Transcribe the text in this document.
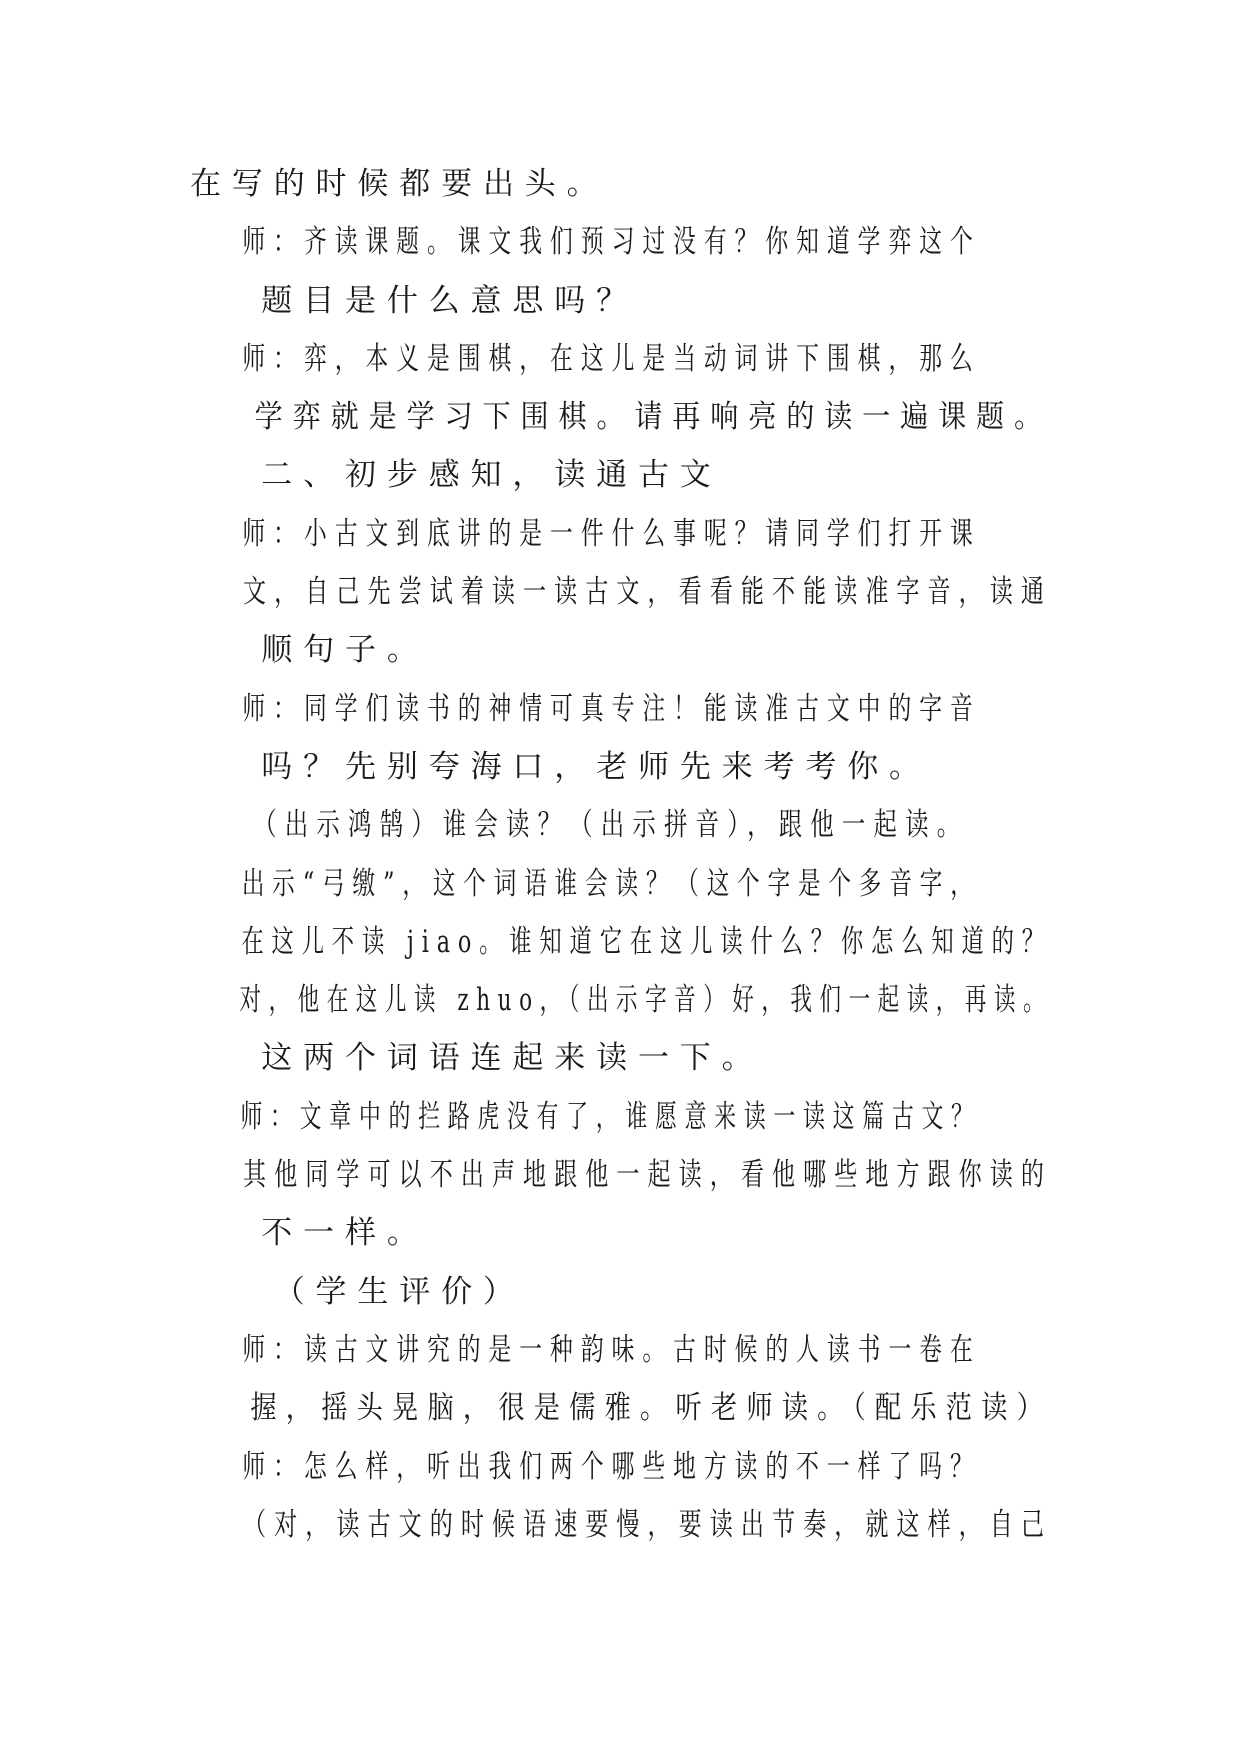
在写的时候都要出头。

师：齐读课题。课文我们预习过没有？你知道学弈这个
题目是什么意思吗？

师：弈，本义是围棋，在这儿是当动词讲下围棋，那么
学弈就是学习下围棋。请再响亮的读一遍课题。

二、初步感知，读通古文

师：小古文到底讲的是一件什么事呢？请同学们打开课
文，自己先尝试着读一读古文，看看能不能读准字音，读通
顺句子。

师：同学们读书的神情可真专注！能读准古文中的字音
吗？先别夸海口，老师先来考考你。

（出示鸿鹄）谁会读？（出示拼音），跟他一起读。

出示“弓缴”，这个词语谁会读？（这个字是个多音字，
在这儿不读 jiao。谁知道它在这儿读什么？你怎么知道的？
对，他在这儿读 zhuo，（出示字音）好，我们一起读，再读。
这两个词语连起来读一下。

师：文章中的拦路虎没有了，谁愿意来读一读这篇古文？
其他同学可以不出声地跟他一起读，看他哪些地方跟你读的
不一样。

（学生评价）

师：读古文讲究的是一种韵味。古时候的人读书一卷在
握，摇头晃脑，很是儒雅。听老师读。（配乐范读）

师：怎么样，听出我们两个哪些地方读的不一样了吗？
（对，读古文的时候语速要慢，要读出节奏，就这样，自己
